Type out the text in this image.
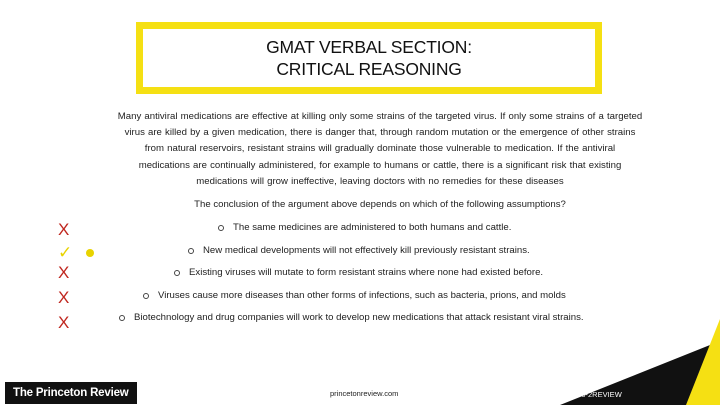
GMAT VERBAL SECTION:
CRITICAL REASONING
Many antiviral medications are effective at killing only some strains of the targeted virus. If only some strains of a targeted
virus are killed by a given medication, there is danger that, through random mutation or the emergence of other strains
from natural reservoirs, resistant strains will gradually dominate those vulnerable to medication. If the antiviral
medications are continually administered, for example to humans or cattle, there is a significant risk that existing
medications will grow ineffective, leaving doctors with no remedies for these diseases
The conclusion of the argument above depends on which of the following assumptions?
X
✓
X
X
X
The same medicines are administered to both humans and cattle.
New medical developments will not effectively kill previously resistant strains.
Existing viruses will mutate to form resistant strains where none had existed before.
Viruses cause more diseases than other forms of infections, such as bacteria, prions, and molds
Biotechnology and drug companies will work to develop new medications that attack resistant viral strains.
The Princeton Review	princetonreview.com	800-2REVIEW
